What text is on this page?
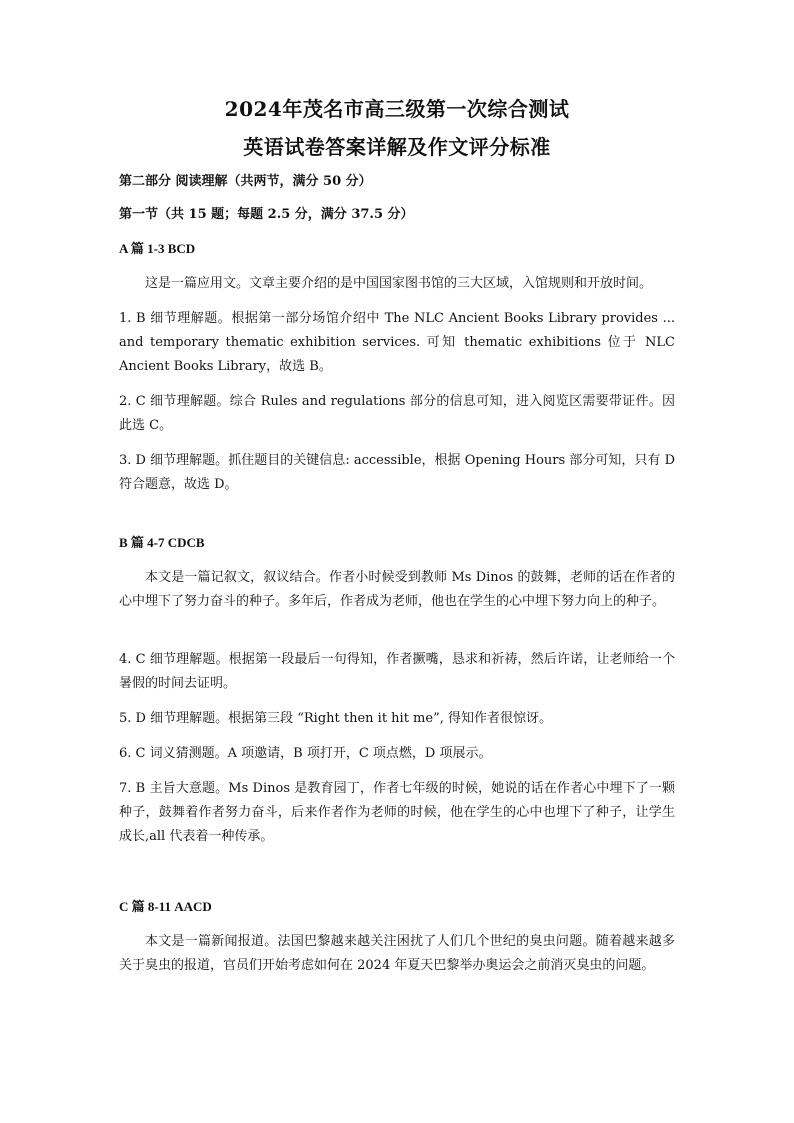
2024年茂名市高三级第一次综合测试
英语试卷答案详解及作文评分标准
第二部分 阅读理解（共两节，满分 50 分）
第一节（共 15 题；每题 2.5 分，满分 37.5 分）
A 篇 1-3 BCD
这是一篇应用文。文章主要介绍的是中国国家图书馆的三大区域，入馆规则和开放时间。
1. B 细节理解题。根据第一部分场馆介绍中 The NLC Ancient Books Library provides ... and temporary thematic exhibition services. 可知 thematic exhibitions 位于 NLC Ancient Books Library，故选 B。
2. C 细节理解题。综合 Rules and regulations 部分的信息可知，进入阅览区需要带证件。因此选 C。
3. D 细节理解题。抓住题目的关键信息: accessible，根据 Opening Hours 部分可知，只有 D 符合题意，故选 D。
B 篇 4-7 CDCB
本文是一篇记叙文，叙议结合。作者小时候受到教师 Ms Dinos 的鼓舞，老师的话在作者的心中埋下了努力奋斗的种子。多年后，作者成为老师，他也在学生的心中埋下努力向上的种子。
4. C 细节理解题。根据第一段最后一句得知，作者撅嘴，恳求和祈祷，然后许诺，让老师给一个暑假的时间去证明。
5. D 细节理解题。根据第三段 “Right then it hit me”, 得知作者很惊讶。
6. C 词义猜测题。A 项邀请，B 项打开，C 项点燃，D 项展示。
7. B 主旨大意题。Ms Dinos 是教育园丁，作者七年级的时候，她说的话在作者心中埋下了一颗种子，鼓舞着作者努力奋斗，后来作者作为老师的时候，他在学生的心中也埋下了种子，让学生成长,all 代表着一种传承。
C 篇 8-11 AACD
本文是一篇新闻报道。法国巴黎越来越关注困扰了人们几个世纪的臭虫问题。随着越来越多关于臭虫的报道，官员们开始考虑如何在 2024 年夏天巴黎举办奥运会之前消灭臭虫的问题。
